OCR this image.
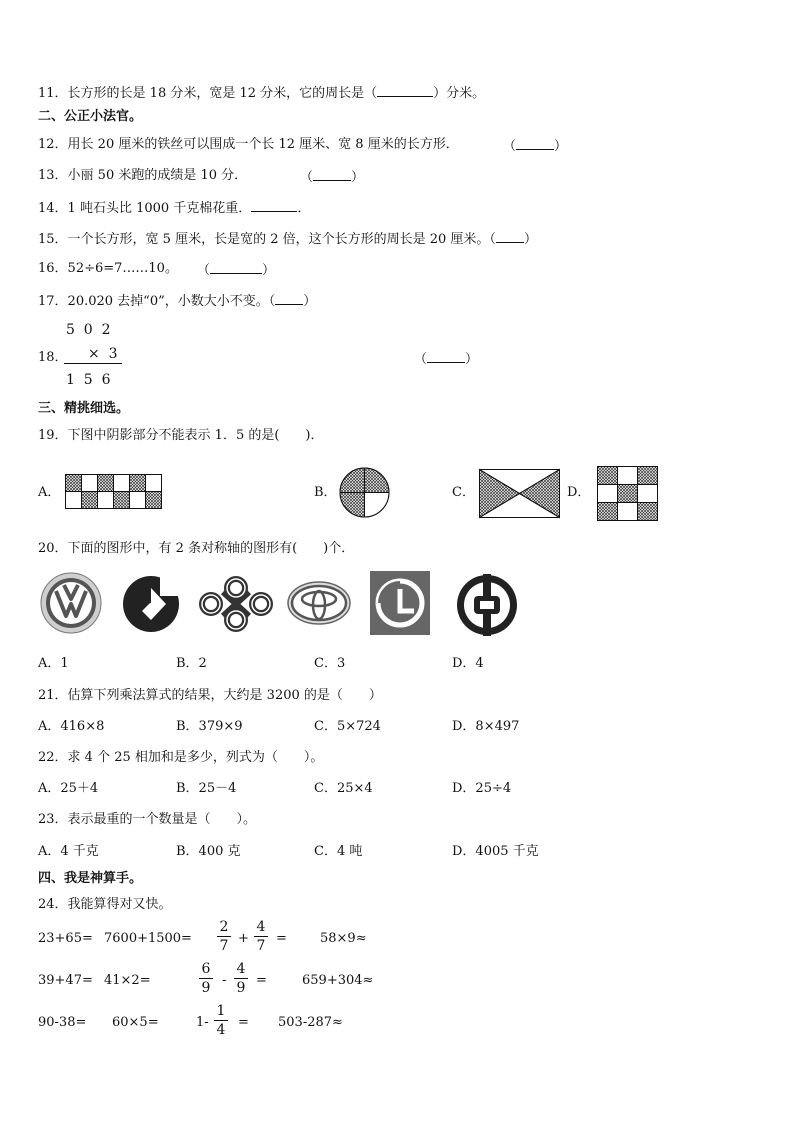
11．长方形的长是 18 分米，宽是 12 分米，它的周长是（	）分米。
二、公正小法官。
12．用长 20 厘米的铁丝可以围成一个长 12 厘米、宽 8 厘米的长方形．	（	）
13．小丽 50 米跑的成绩是 10 分．	（	）
14．1 吨石头比 1000 千克棉花重．	．
15．一个长方形，宽 5 厘米，长是宽的 2 倍，这个长方形的周长是 20 厘米。（ ）
16．52÷6=7……10。 （	）
17．20.020 去掉“0”，小数大小不变。（ ）
18．
5  0  2
×  3
1  5  6
（	）
三、精挑细选。
19．下图中阴影部分不能表示 1．5 的是(　　)．
A．	B．	C．	D．
20．下面的图形中，有 2 条对称轴的图形有(　　)个．
A．1	B．2	C．3	D．4
21．估算下列乘法算式的结果，大约是 3200 的是（　　）
A．416×8	B．379×9	C．5×724	D．8×497
22．求 4 个 25 相加和是多少，列式为（　　）。
A．25＋4	B．25－4	C．25×4	D．25÷4
23．表示最重的一个数量是（　　）。
A．4 千克	B．400 克	C．4 吨	D．4005 千克
四、我是神算手。
24．我能算得对又快。
23+65= 7600+1500=
2
7 +
4
7 =	58×9≈
39+47= 41×2=
6
9 -
4
9 =	659+304≈
90-38= 60×5=	1-
1
4 = 503-287≈
